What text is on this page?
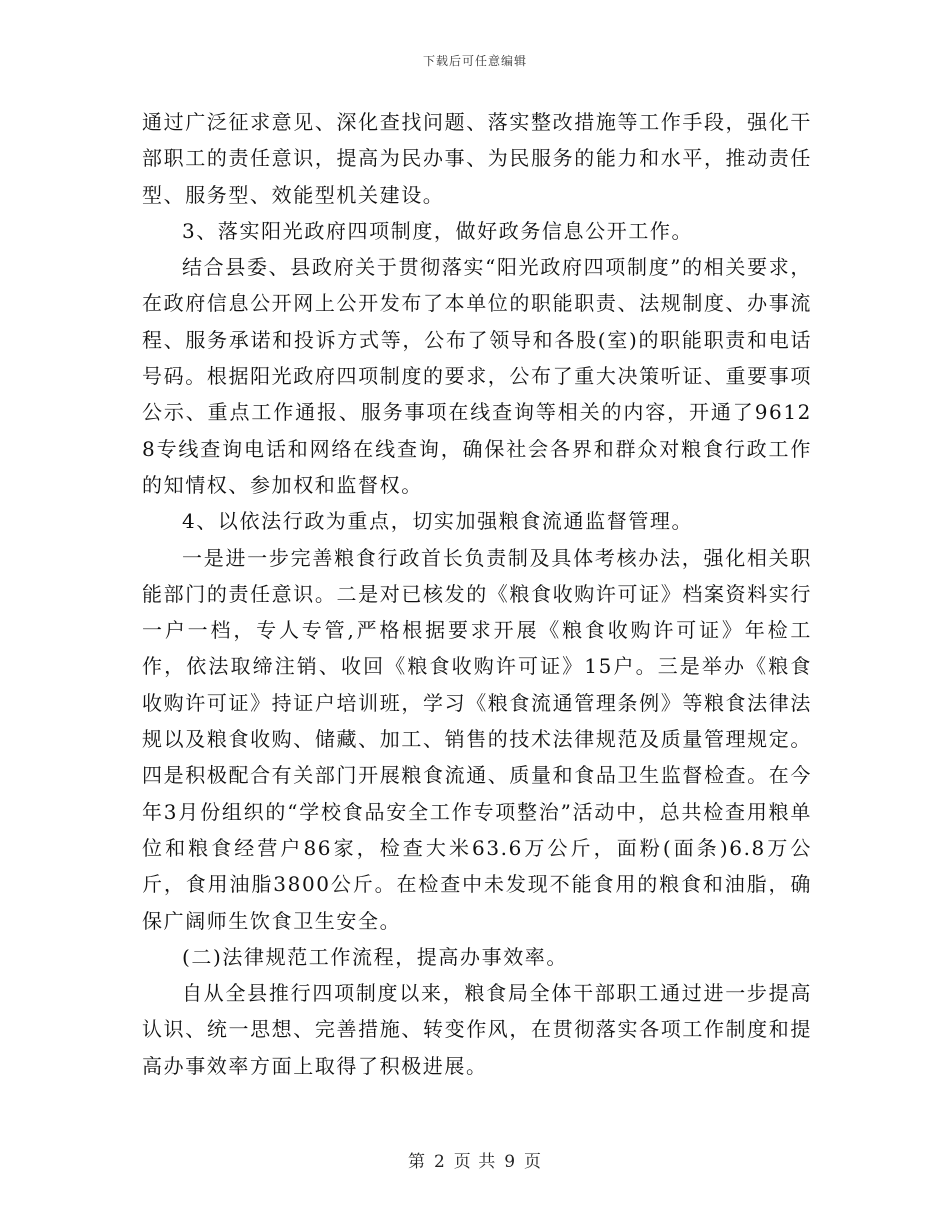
下载后可任意编辑

通过广泛征求意见、深化查找问题、落实整改措施等工作手段，强化干部职工的责任意识，提高为民办事、为民服务的能力和水平，推动责任型、服务型、效能型机关建设。

3、落实阳光政府四项制度，做好政务信息公开工作。

结合县委、县政府关于贯彻落实“阳光政府四项制度”的相关要求，在政府信息公开网上公开发布了本单位的职能职责、法规制度、办事流程、服务承诺和投诉方式等，公布了领导和各股(室)的职能职责和电话号码。根据阳光政府四项制度的要求，公布了重大决策听证、重要事项公示、重点工作通报、服务事项在线查询等相关的内容，开通了96128专线查询电话和网络在线查询，确保社会各界和群众对粮食行政工作的知情权、参加权和监督权。

4、以依法行政为重点，切实加强粮食流通监督管理。

一是进一步完善粮食行政首长负责制及具体考核办法，强化相关职能部门的责任意识。二是对已核发的《粮食收购许可证》档案资料实行一户一档，专人专管,严格根据要求开展《粮食收购许可证》年检工作，依法取缔注销、收回《粮食收购许可证》15户。三是举办《粮食收购许可证》持证户培训班，学习《粮食流通管理条例》等粮食法律法规以及粮食收购、储藏、加工、销售的技术法律规范及质量管理规定。四是积极配合有关部门开展粮食流通、质量和食品卫生监督检查。在今年3月份组织的“学校食品安全工作专项整治”活动中，总共检查用粮单位和粮食经营户86家，检查大米63.6万公斤，面粉(面条)6.8万公斤，食用油脂3800公斤。在检查中未发现不能食用的粮食和油脂，确保广阔师生饮食卫生安全。

(二)法律规范工作流程，提高办事效率。

自从全县推行四项制度以来，粮食局全体干部职工通过进一步提高认识、统一思想、完善措施、转变作风，在贯彻落实各项工作制度和提高办事效率方面上取得了积极进展。

第 2 页 共 9 页
